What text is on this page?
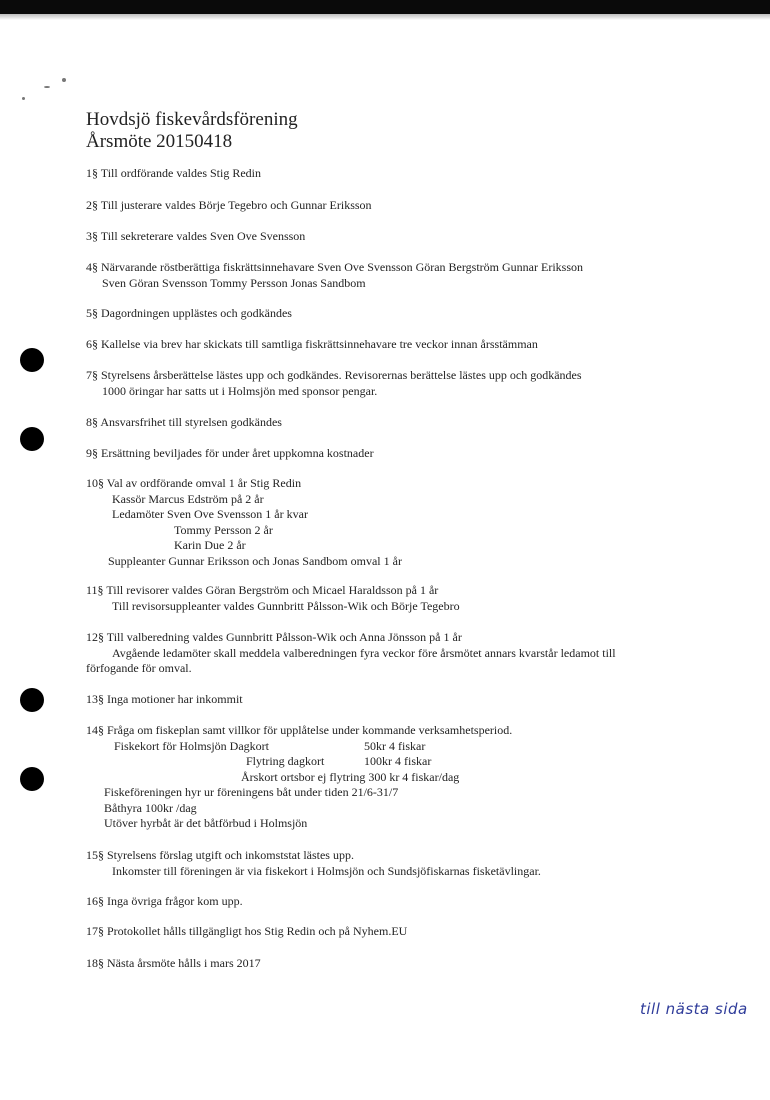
Hovdsjö fiskevårdsförening
Årsmöte 20150418
1§ Till ordförande valdes Stig Redin
2§ Till justerare valdes Börje Tegebro och Gunnar Eriksson
3§ Till sekreterare valdes Sven Ove Svensson
4§ Närvarande röstberättiga fiskrättsinnehavare Sven Ove Svensson Göran Bergström Gunnar Eriksson
Sven Göran Svensson Tommy Persson Jonas Sandbom
5§ Dagordningen upplästes och godkändes
6§ Kallelse via brev har skickats till samtliga fiskrättsinnehavare tre veckor innan årsstämman
7§ Styrelsens årsberättelse lästes upp och godkändes. Revisorernas berättelse lästes upp och godkändes
1000 öringar har satts ut i Holmsjön med sponsor pengar.
8§ Ansvarsfrihet till styrelsen godkändes
9§ Ersättning beviljades för under året uppkomna kostnader
10§ Val av ordförande omval 1 år Stig Redin
Kassör Marcus Edström på 2 år
Ledamöter Sven Ove Svensson 1 år kvar
Tommy Persson 2 år
Karin Due 2 år
Suppleanter Gunnar Eriksson och Jonas Sandbom omval 1 år
11§ Till revisorer valdes Göran Bergström och Micael Haraldsson på 1 år
Till revisorsuppleanter valdes Gunnbritt Pålsson-Wik och Börje Tegebro
12§ Till valberedning valdes Gunnbritt Pålsson-Wik och Anna Jönsson på 1 år
Avgående ledamöter skall meddela valberedningen fyra veckor före årsmötet annars kvarstår ledamot till
förfogande för omval.
13§ Inga motioner har inkommit
14§ Fråga om fiskeplan samt villkor för upplåtelse under kommande verksamhetsperiod.
Fiskekort för Holmsjön Dagkort	50kr 4 fiskar
Flytring dagkort	100kr 4 fiskar
Årskort ortsbor ej flytring 300 kr 4 fiskar/dag
Fiskeföreningen hyr ur föreningens båt under tiden 21/6-31/7
Båthyra 100kr /dag
Utöver hyrbåt är det båtförbud i Holmsjön
15§ Styrelsens förslag utgift och inkomststat lästes upp.
Inkomster till föreningen är via fiskekort i Holmsjön och Sundsjöfiskarnas fisketävlingar.
16§ Inga övriga frågor kom upp.
17§ Protokollet hålls tillgängligt hos Stig Redin och på Nyhem.EU
18§ Nästa årsmöte hålls i mars 2017
till nästa sida
